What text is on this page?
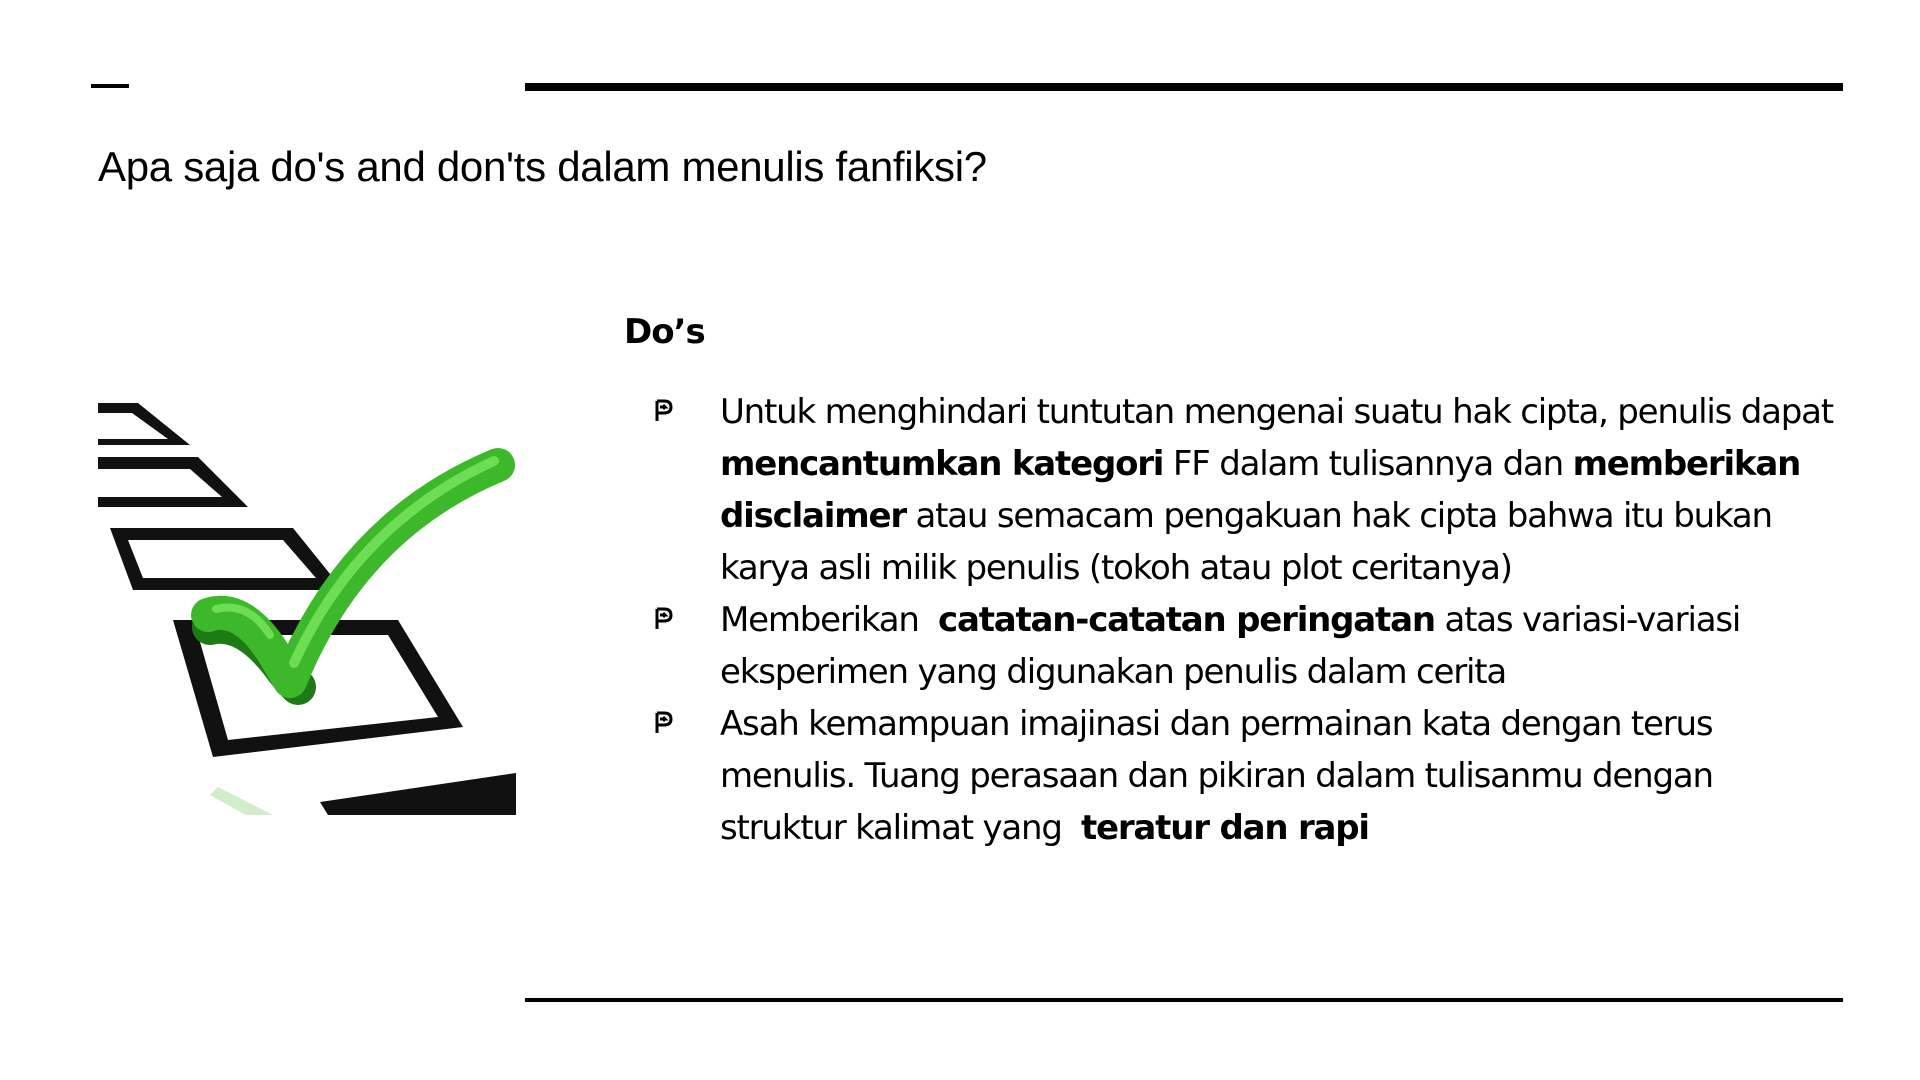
Apa saja do's and don'ts dalam menulis fanfiksi?
Do’s
Untuk menghindari tuntutan mengenai suatu hak cipta, penulis dapat mencantumkan kategori FF dalam tulisannya dan memberikan disclaimer atau semacam pengakuan hak cipta bahwa itu bukan karya asli milik penulis (tokoh atau plot ceritanya)
Memberikan  catatan-catatan peringatan atas variasi-variasi eksperimen yang digunakan penulis dalam cerita
Asah kemampuan imajinasi dan permainan kata dengan terus menulis. Tuang perasaan dan pikiran dalam tulisanmu dengan struktur kalimat yang  teratur dan rapi
